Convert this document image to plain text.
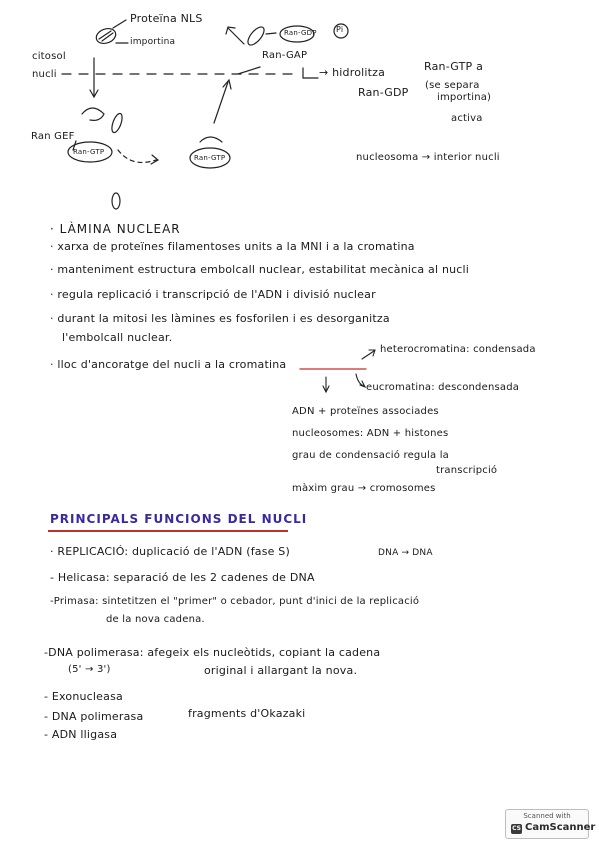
Proteïna NLS
importina
citosol
nucli
Ran-GDP Pi
Ran-GAP
→ hidrolitza	Ran-GTP a
Ran-GDP
(se separa
importina)
activa
Ran GEF
Ran-GTP
Ran-GTP	nucleosoma → interior nucli
· LÀMINA NUCLEAR
· xarxa de proteïnes filamentoses units a la MNI i a la cromatina
· manteniment estructura embolcall nuclear, estabilitat mecànica al nucli
· regula replicació i transcripció de l'ADN i divisió nuclear
· durant la mitosi les làmines es fosforilen i es desorganitza
l'embolcall nuclear.
· lloc d'ancoratge del nucli a la cromatina
heterocromatina: condensada
eucromatina: descondensada
ADN + proteïnes associades
nucleosomes: ADN + histones
grau de condensació regula la
transcripció
màxim grau → cromosomes
PRINCIPALS FUNCIONS DEL NUCLI
· REPLICACIÓ: duplicació de l'ADN (fase S)	DNA → DNA
- Helicasa: separació de les 2 cadenes de DNA
-Primasa: sintetitzen el "primer" o cebador, punt d'inici de la replicació
de la nova cadena.
-DNA polimerasa: afegeix els nucleòtids, copiant la cadena
(5' → 3')	original i allargant la nova.
- Exonucleasa
- DNA polimerasa	fragments d'Okazaki
- ADN lligasa
Scanned with
CS CamScanner
